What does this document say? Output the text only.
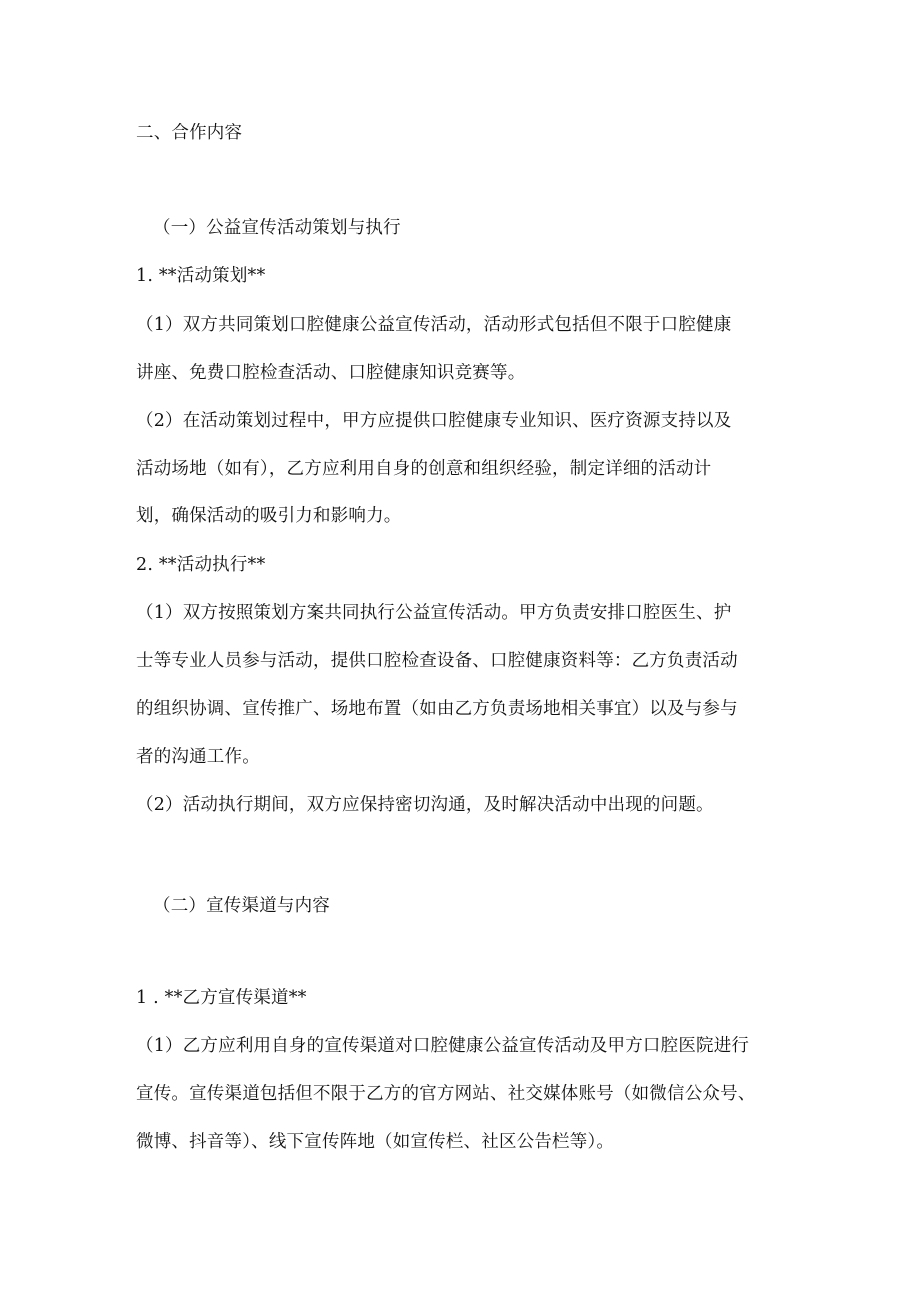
二、合作内容
（一）公益宣传活动策划与执行
1. **活动策划**
（1）双方共同策划口腔健康公益宣传活动，活动形式包括但不限于口腔健康
讲座、免费口腔检查活动、口腔健康知识竞赛等。
（2）在活动策划过程中，甲方应提供口腔健康专业知识、医疗资源支持以及
活动场地（如有），乙方应利用自身的创意和组织经验，制定详细的活动计
划，确保活动的吸引力和影响力。
2. **活动执行**
（1）双方按照策划方案共同执行公益宣传活动。甲方负责安排口腔医生、护
士等专业人员参与活动，提供口腔检查设备、口腔健康资料等：乙方负责活动
的组织协调、宣传推广、场地布置（如由乙方负责场地相关事宜）以及与参与
者的沟通工作。
（2）活动执行期间，双方应保持密切沟通，及时解决活动中出现的问题。
（二）宣传渠道与内容
1 . **乙方宣传渠道**
（1）乙方应利用自身的宣传渠道对口腔健康公益宣传活动及甲方口腔医院进行
宣传。宣传渠道包括但不限于乙方的官方网站、社交媒体账号（如微信公众号、
微博、抖音等）、线下宣传阵地（如宣传栏、社区公告栏等）。
